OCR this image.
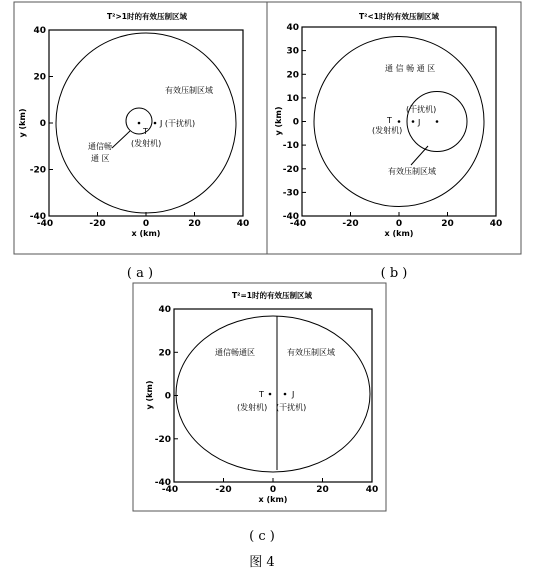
T²>1时的有效压制区域
-40	-20	0	20	40
40
20
0
-20
-40
x (km)
y (km)
有效压制区域
J (干扰机)
T
(发射机)
通信畅
通 区
( a )
T²<1时的有效压制区域
-40	-20	0	20	40
40
30
20
10
0
-10
-20
-30
-40
x (km)
y (km)
通 信 畅 通 区
(干扰机)
T	J
(发射机)
有效压制区域
( b )
T²=1时的有效压制区域
-40	-20	0	20	40
40
20
0
-20
-40
x (km)
y (km)
通信畅通区	有效压制区域
T	J
(发射机) (干扰机)
( c )
图 4
